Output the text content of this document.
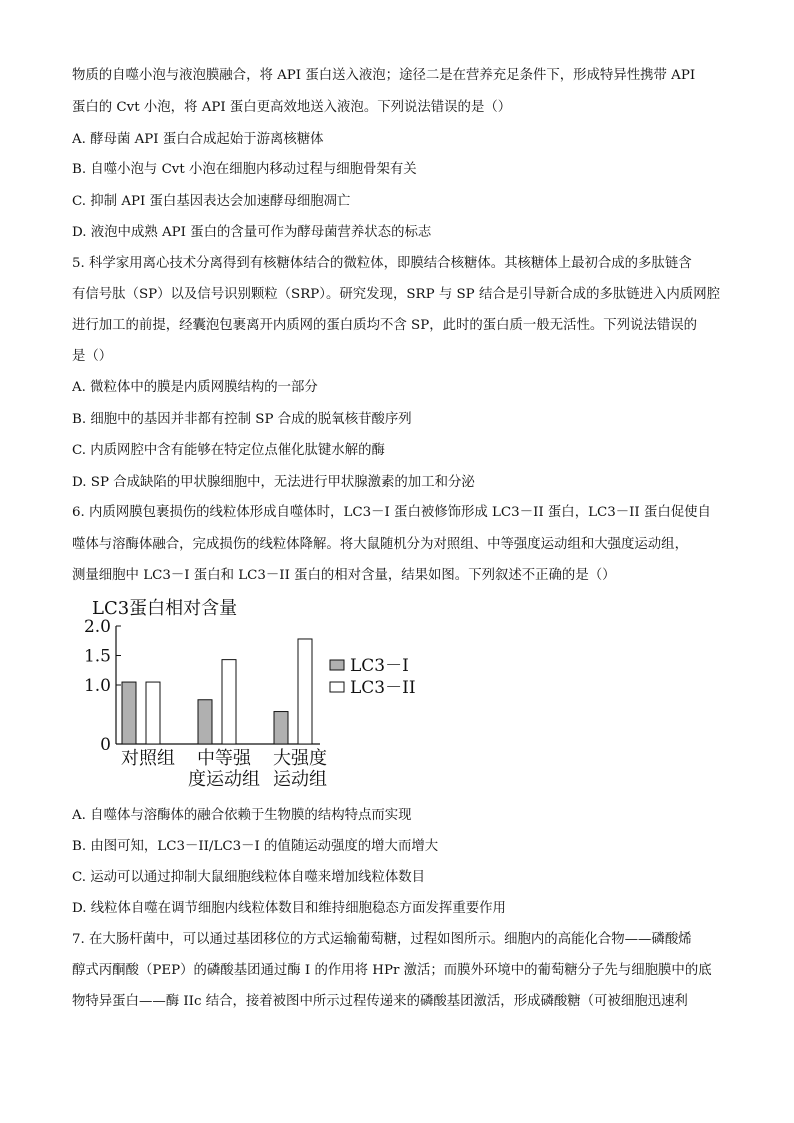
物质的自噬小泡与液泡膜融合，将 API 蛋白送入液泡；途径二是在营养充足条件下，形成特异性携带 API
蛋白的 Cvt 小泡，将 API 蛋白更高效地送入液泡。下列说法错误的是（）
A. 酵母菌 API 蛋白合成起始于游离核糖体
B. 自噬小泡与 Cvt 小泡在细胞内移动过程与细胞骨架有关
C. 抑制 API 蛋白基因表达会加速酵母细胞凋亡
D. 液泡中成熟 API 蛋白的含量可作为酵母菌营养状态的标志
5. 科学家用离心技术分离得到有核糖体结合的微粒体，即膜结合核糖体。其核糖体上最初合成的多肽链含
有信号肽（SP）以及信号识别颗粒（SRP）。研究发现，SRP 与 SP 结合是引导新合成的多肽链进入内质网腔
进行加工的前提，经囊泡包裹离开内质网的蛋白质均不含 SP，此时的蛋白质一般无活性。下列说法错误的
是（）
A. 微粒体中的膜是内质网膜结构的一部分
B. 细胞中的基因并非都有控制 SP 合成的脱氧核苷酸序列
C. 内质网腔中含有能够在特定位点催化肽键水解的酶
D. SP 合成缺陷的甲状腺细胞中，无法进行甲状腺激素的加工和分泌
6. 内质网膜包裹损伤的线粒体形成自噬体时，LC3－I 蛋白被修饰形成 LC3－II 蛋白，LC3－II 蛋白促使自
噬体与溶酶体融合，完成损伤的线粒体降解。将大鼠随机分为对照组、中等强度运动组和大强度运动组，
测量细胞中 LC3－I 蛋白和 LC3－II 蛋白的相对含量，结果如图。下列叙述不正确的是（）
LC3蛋白相对含量
0
1.0
1.5
2.0
对照组 中等强
度运动组
大强度
运动组
LC3－I
LC3－II
A. 自噬体与溶酶体的融合依赖于生物膜的结构特点而实现
B. 由图可知，LC3－II/LC3－I 的值随运动强度的增大而增大
C. 运动可以通过抑制大鼠细胞线粒体自噬来增加线粒体数目
D. 线粒体自噬在调节细胞内线粒体数目和维持细胞稳态方面发挥重要作用
7. 在大肠杆菌中，可以通过基团移位的方式运输葡萄糖，过程如图所示。细胞内的高能化合物——磷酸烯
醇式丙酮酸（PEP）的磷酸基团通过酶 I 的作用将 HPr 激活；而膜外环境中的葡萄糖分子先与细胞膜中的底
物特异蛋白——酶 IIc 结合，接着被图中所示过程传递来的磷酸基团激活，形成磷酸糖（可被细胞迅速利
